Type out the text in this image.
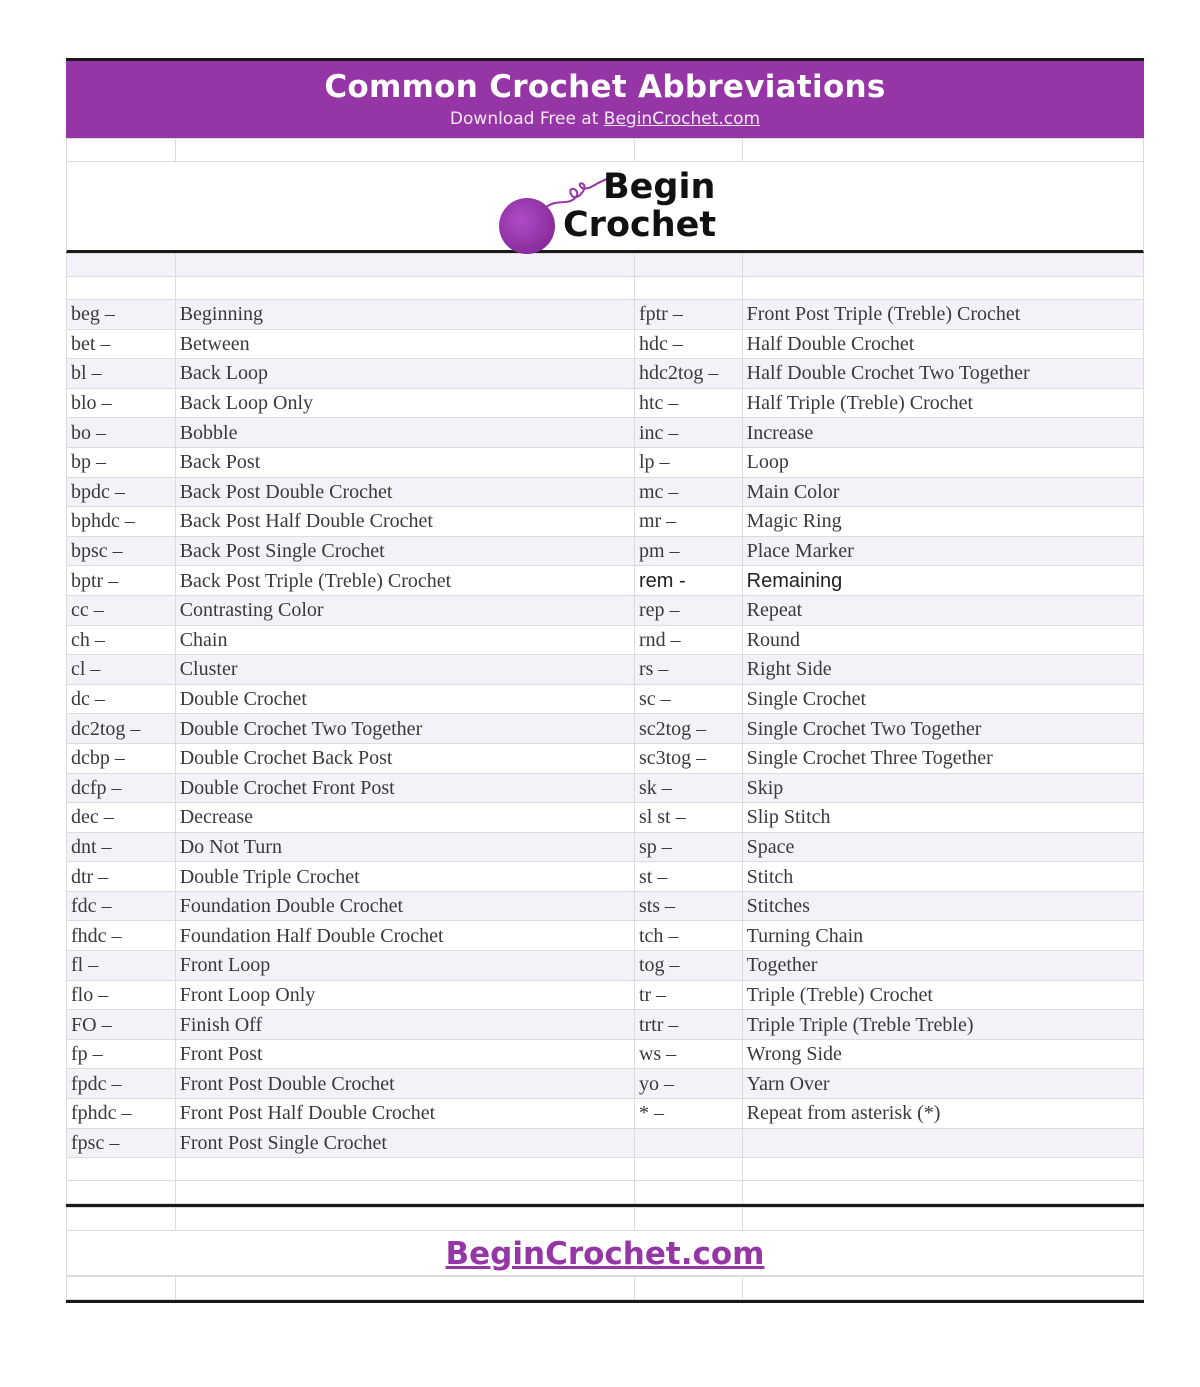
Common Crochet Abbreviations
Download Free at BeginCrochet.com

Begin
Crochet

beg –	Beginning	fptr –	Front Post Triple (Treble) Crochet
bet –	Between	hdc –	Half Double Crochet
bl –	Back Loop	hdc2tog –	Half Double Crochet Two Together
blo –	Back Loop Only	htc –	Half Triple (Treble) Crochet
bo –	Bobble	inc –	Increase
bp –	Back Post	lp –	Loop
bpdc –	Back Post Double Crochet	mc –	Main Color
bphdc –	Back Post Half Double Crochet	mr –	Magic Ring
bpsc –	Back Post Single Crochet	pm –	Place Marker
bptr –	Back Post Triple (Treble) Crochet	rem -	Remaining
cc –	Contrasting Color	rep –	Repeat
ch –	Chain	rnd –	Round
cl –	Cluster	rs –	Right Side
dc –	Double Crochet	sc –	Single Crochet
dc2tog –	Double Crochet Two Together	sc2tog –	Single Crochet Two Together
dcbp –	Double Crochet Back Post	sc3tog –	Single Crochet Three Together
dcfp –	Double Crochet Front Post	sk –	Skip
dec –	Decrease	sl st –	Slip Stitch
dnt –	Do Not Turn	sp –	Space
dtr –	Double Triple Crochet	st –	Stitch
fdc –	Foundation Double Crochet	sts –	Stitches
fhdc –	Foundation Half Double Crochet	tch –	Turning Chain
fl –	Front Loop	tog –	Together
flo –	Front Loop Only	tr –	Triple (Treble) Crochet
FO –	Finish Off	trtr –	Triple Triple (Treble Treble)
fp –	Front Post	ws –	Wrong Side
fpdc –	Front Post Double Crochet	yo –	Yarn Over
fphdc –	Front Post Half Double Crochet	* –	Repeat from asterisk (*)
fpsc –	Front Post Single Crochet		

BeginCrochet.com
